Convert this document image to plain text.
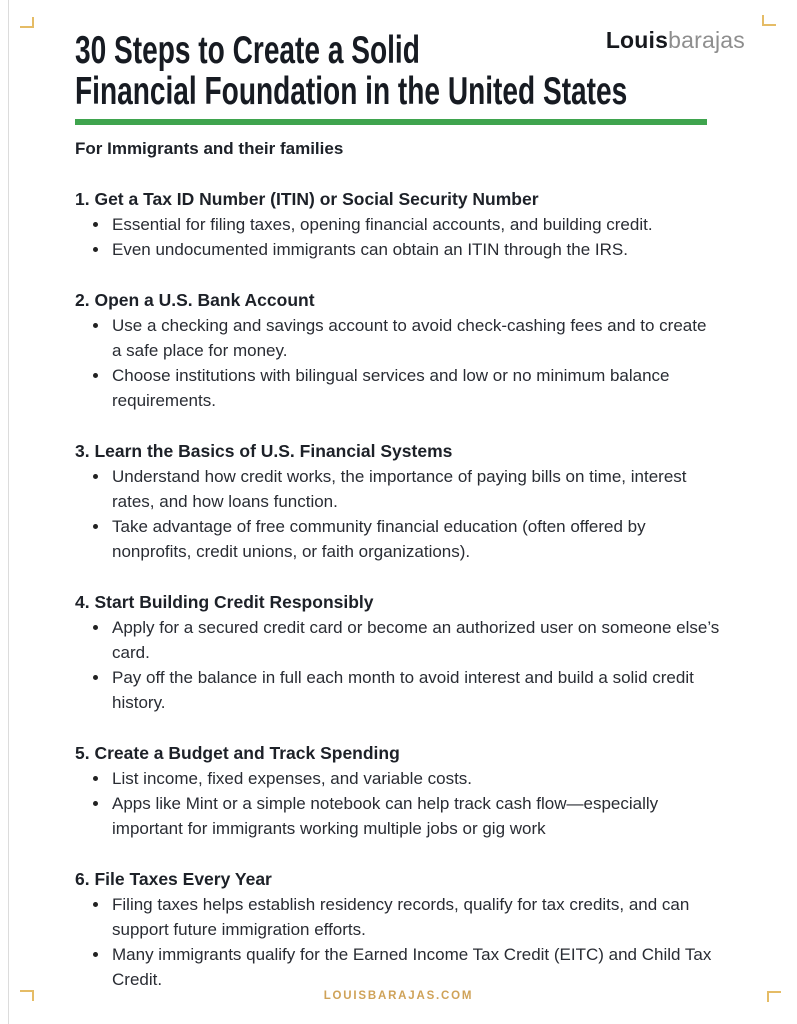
Louisbarajas
30 Steps to Create a Solid
Financial Foundation in the United States

For Immigrants and their families

1. Get a Tax ID Number (ITIN) or Social Security Number
Essential for filing taxes, opening financial accounts, and building credit.
Even undocumented immigrants can obtain an ITIN through the IRS.
2. Open a U.S. Bank Account
Use a checking and savings account to avoid check-cashing fees and to create a safe place for money.
Choose institutions with bilingual services and low or no minimum balance requirements.
3. Learn the Basics of U.S. Financial Systems
Understand how credit works, the importance of paying bills on time, interest rates, and how loans function.
Take advantage of free community financial education (often offered by nonprofits, credit unions, or faith organizations).
4. Start Building Credit Responsibly
Apply for a secured credit card or become an authorized user on someone else’s card.
Pay off the balance in full each month to avoid interest and build a solid credit history.
5. Create a Budget and Track Spending
List income, fixed expenses, and variable costs.
Apps like Mint or a simple notebook can help track cash flow—especially important for immigrants working multiple jobs or gig work
6. File Taxes Every Year
Filing taxes helps establish residency records, qualify for tax credits, and can support future immigration efforts.
Many immigrants qualify for the Earned Income Tax Credit (EITC) and Child Tax Credit.
LOUISBARAJAS.COM
